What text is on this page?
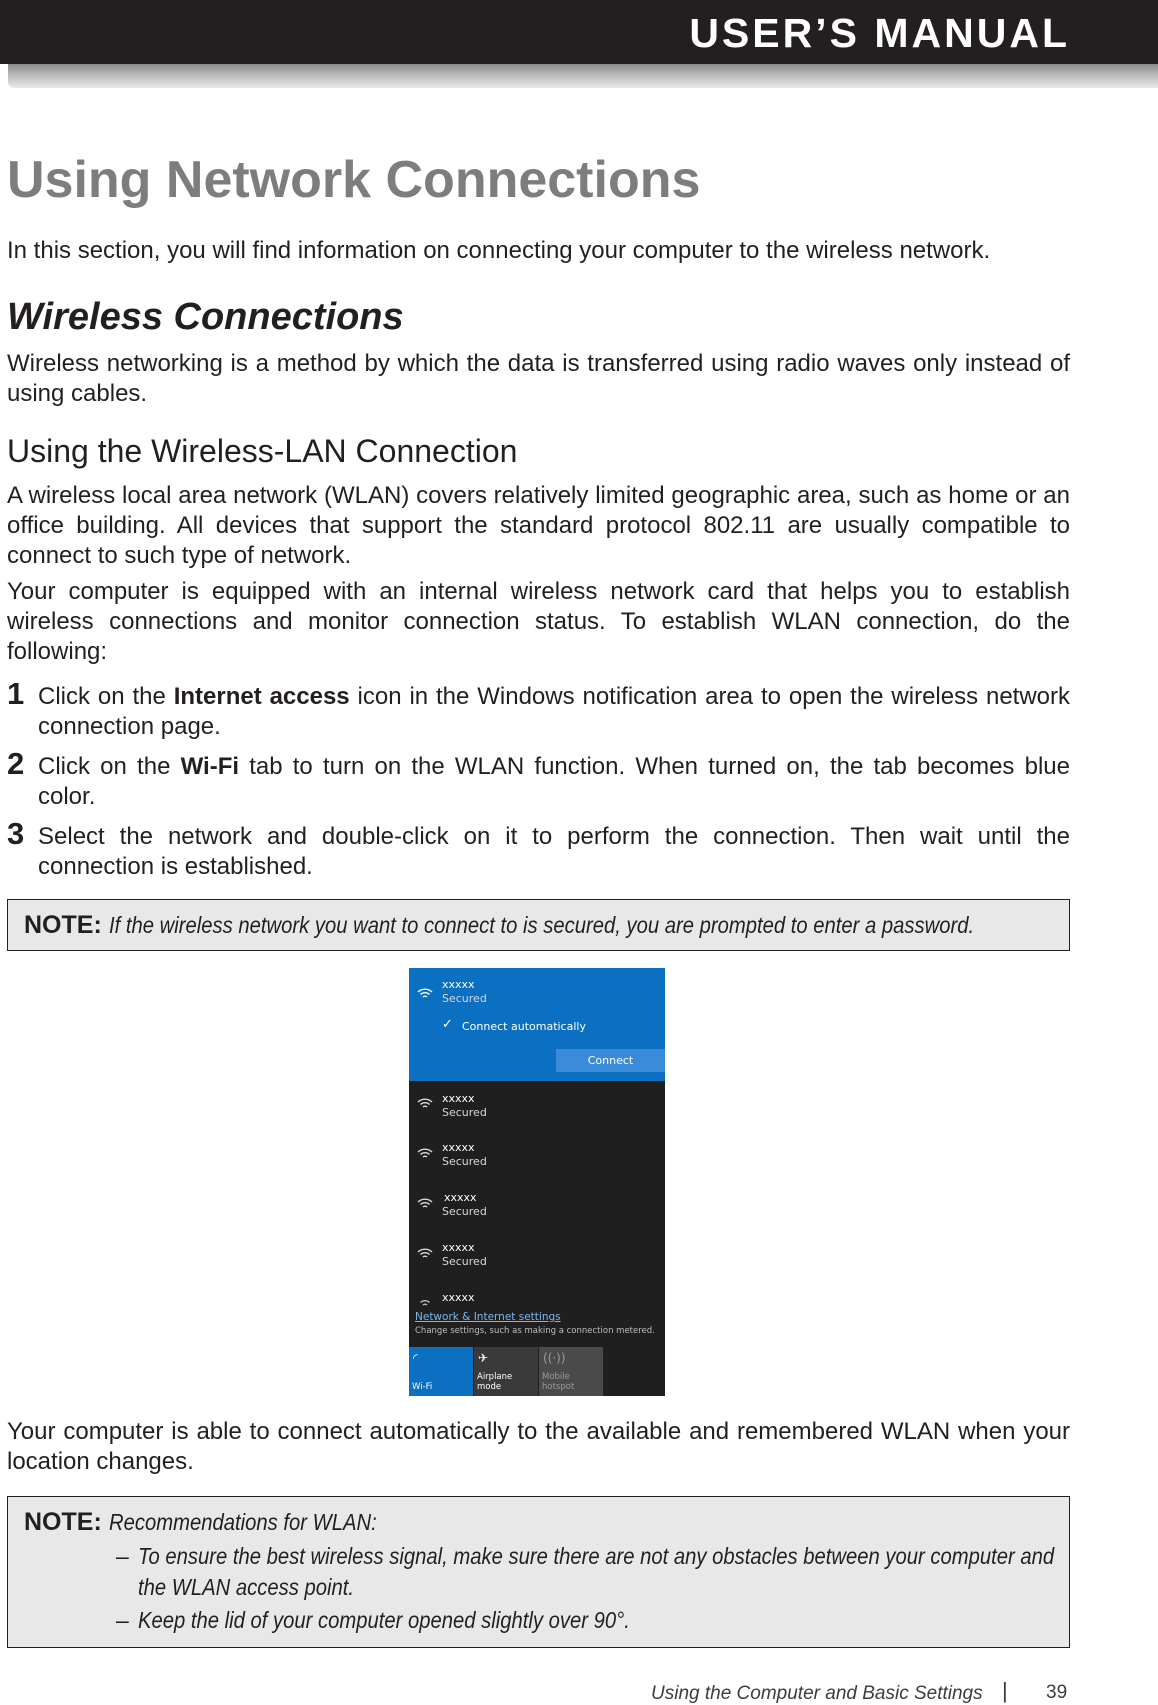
USER’S MANUAL
Using Network Connections

In this section, you will find information on connecting your computer to the wireless network.

Wireless Connections

Wireless networking is a method by which the data is transferred using radio waves only instead of using cables.

Using the Wireless-LAN Connection

A wireless local area network (WLAN) covers relatively limited geographic area, such as home or an office building. All devices that support the standard protocol 802.11 are usually compatible to connect to such type of network.

Your computer is equipped with an internal wireless network card that helps you to establish wireless connections and monitor connection status. To establish WLAN connection, do the following:

1 Click on the Internet access icon in the Windows notification area to open the wireless network connection page.
2 Click on the Wi-Fi tab to turn on the WLAN function. When turned on, the tab becomes blue color.
3 Select the network and double-click on it to perform the connection. Then wait until the connection is established.
NOTE: If the wireless network you want to connect to is secured, you are prompted to enter a password.
xxxxx
Secured
✓ Connect automatically
Connect
xxxxx
Secured
xxxxx
Secured
xxxxx
Secured
xxxxx
Secured
xxxxx
Network & Internet settings
Change settings, such as making a connection metered.
◜
Wi-Fi
✈
Airplane mode
((·))
Mobile hotspot

Your computer is able to connect automatically to the available and remembered WLAN when your location changes.

NOTE: Recommendations for WLAN:
– To ensure the best wireless signal, make sure there are not any obstacles between your computer and the WLAN access point.
– Keep the lid of your computer opened slightly over 90°.
Using the Computer and Basic Settings | 39
